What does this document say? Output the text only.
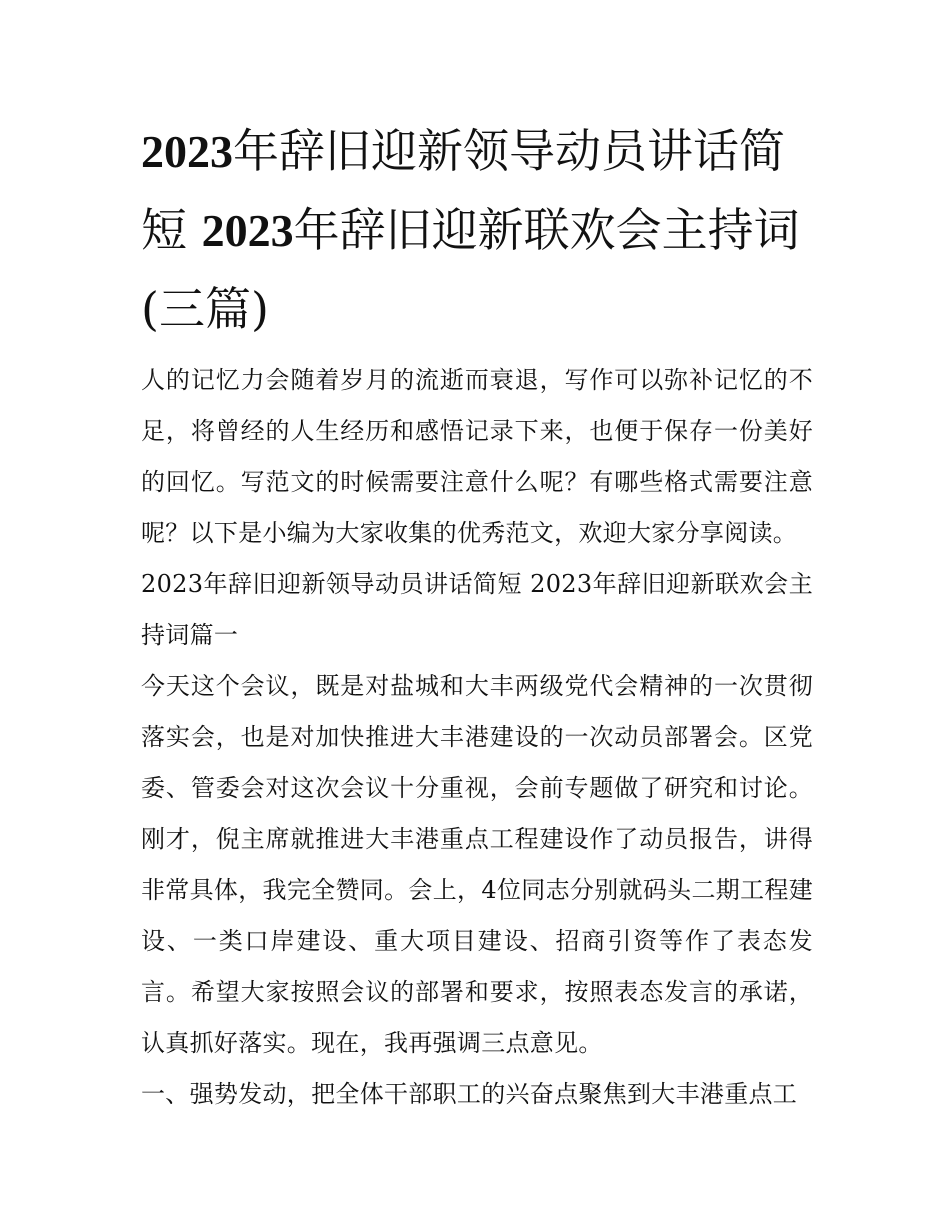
2023年辞旧迎新领导动员讲话简短 2023年辞旧迎新联欢会主持词(三篇)

人的记忆力会随着岁月的流逝而衰退，写作可以弥补记忆的不足，将曾经的人生经历和感悟记录下来，也便于保存一份美好的回忆。写范文的时候需要注意什么呢？有哪些格式需要注意呢？以下是小编为大家收集的优秀范文，欢迎大家分享阅读。

2023年辞旧迎新领导动员讲话简短 2023年辞旧迎新联欢会主持词篇一

今天这个会议，既是对盐城和大丰两级党代会精神的一次贯彻落实会，也是对加快推进大丰港建设的一次动员部署会。区党委、管委会对这次会议十分重视，会前专题做了研究和讨论。刚才，倪主席就推进大丰港重点工程建设作了动员报告，讲得非常具体，我完全赞同。会上，4位同志分别就码头二期工程建设、一类口岸建设、重大项目建设、招商引资等作了表态发言。希望大家按照会议的部署和要求，按照表态发言的承诺，认真抓好落实。现在，我再强调三点意见。

一、强势发动，把全体干部职工的兴奋点聚焦到大丰港重点工
